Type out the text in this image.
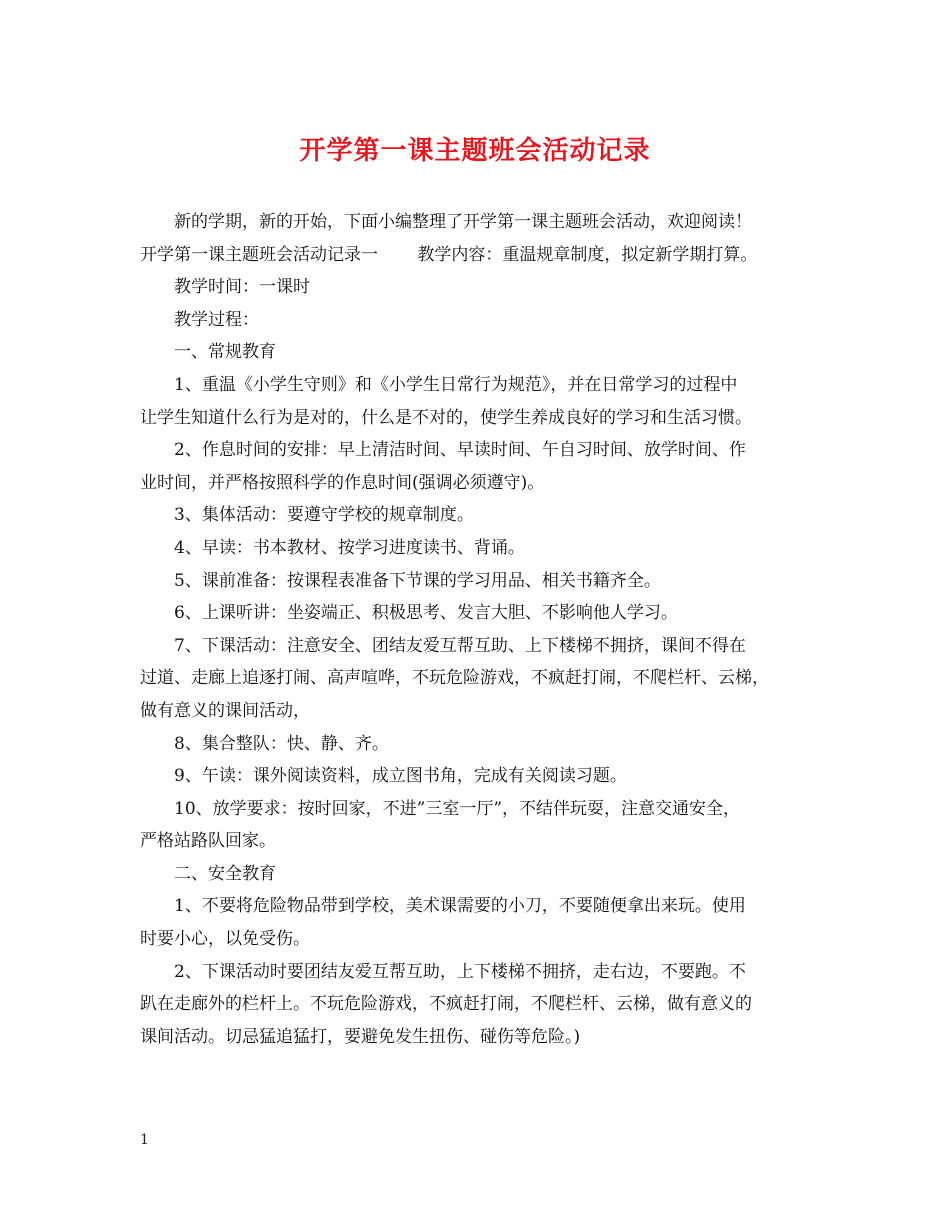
开学第一课主题班会活动记录

新的学期，新的开始，下面小编整理了开学第一课主题班会活动，欢迎阅读！

开学第一课主题班会活动记录一　　 教学内容：重温规章制度，拟定新学期打算。

教学时间：一课时

教学过程：

一、常规教育

1、重温《小学生守则》和《小学生日常行为规范》，并在日常学习的过程中

让学生知道什么行为是对的，什么是不对的，使学生养成良好的学习和生活习惯。

2、作息时间的安排：早上清洁时间、早读时间、午自习时间、放学时间、作

业时间，并严格按照科学的作息时间(强调必须遵守)。

3、集体活动：要遵守学校的规章制度。

4、早读：书本教材、按学习进度读书、背诵。

5、课前准备：按课程表准备下节课的学习用品、相关书籍齐全。

6、上课听讲：坐姿端正、积极思考、发言大胆、不影响他人学习。

7、下课活动：注意安全、团结友爱互帮互助、上下楼梯不拥挤，课间不得在

过道、走廊上追逐打闹、高声喧哗，不玩危险游戏，不疯赶打闹，不爬栏杆、云梯，

做有意义的课间活动，

8、集合整队：快、静、齐。

9、午读：课外阅读资料，成立图书角，完成有关阅读习题。

10、放学要求：按时回家，不进”三室一厅”，不结伴玩耍，注意交通安全，

严格站路队回家。

二、安全教育

1、不要将危险物品带到学校，美术课需要的小刀，不要随便拿出来玩。使用

时要小心，以免受伤。

2、下课活动时要团结友爱互帮互助，上下楼梯不拥挤，走右边，不要跑。不

趴在走廊外的栏杆上。不玩危险游戏，不疯赶打闹，不爬栏杆、云梯，做有意义的

课间活动。切忌猛追猛打，要避免发生扭伤、碰伤等危险。)

1
